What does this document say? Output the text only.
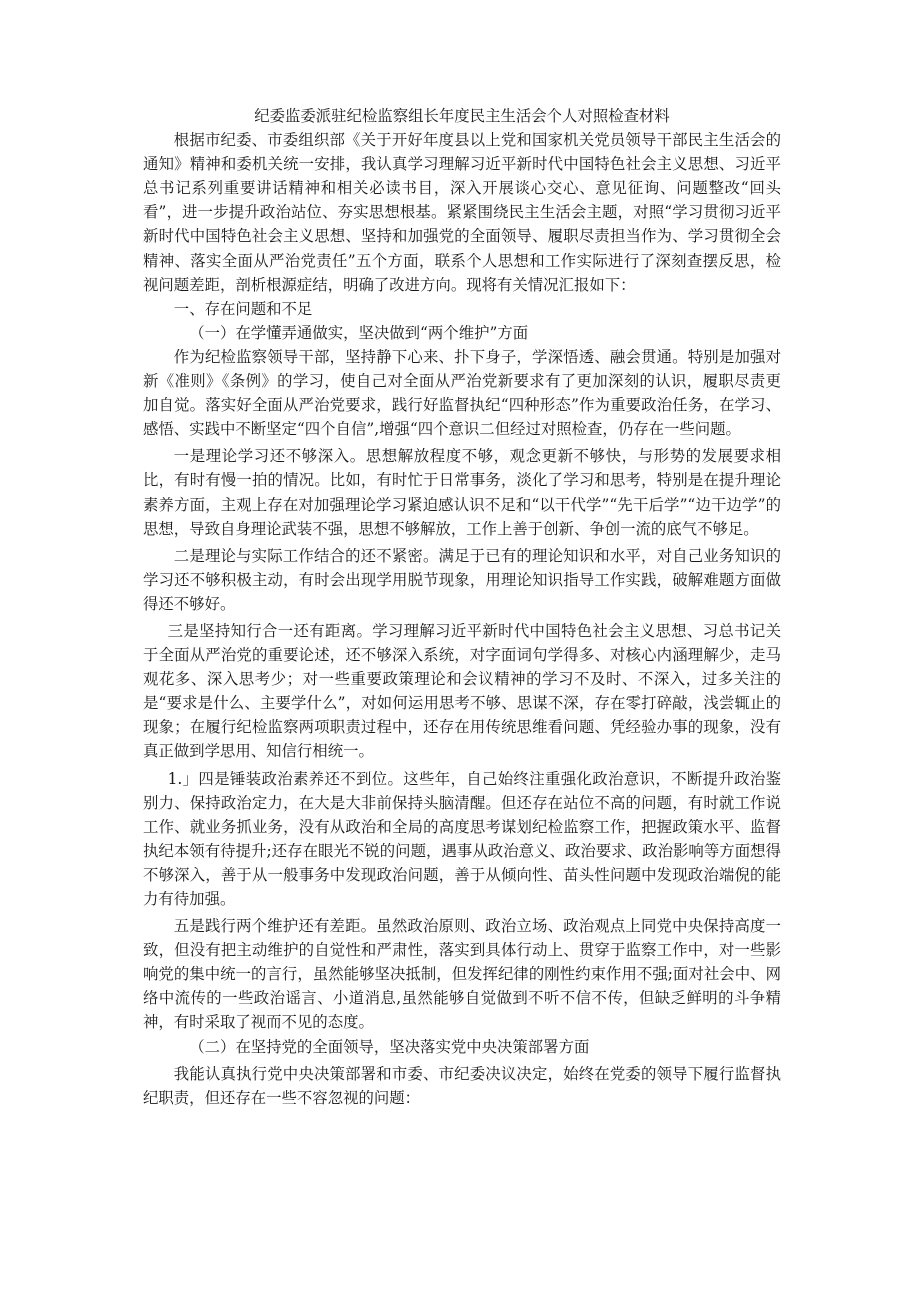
纪委监委派驻纪检监察组长年度民主生活会个人对照检查材料

根据市纪委、市委组织部《关于开好年度县以上党和国家机关党员领导干部民主生活会的通知》精神和委机关统一安排，我认真学习理解习近平新时代中国特色社会主义思想、习近平总书记系列重要讲话精神和相关必读书目，深入开展谈心交心、意见征询、问题整改“回头看”，进一步提升政治站位、夯实思想根基。紧紧围绕民主生活会主题，对照“学习贯彻习近平新时代中国特色社会主义思想、坚持和加强党的全面领导、履职尽责担当作为、学习贯彻全会精神、落实全面从严治党责任”五个方面，联系个人思想和工作实际进行了深刻查摆反思，检视问题差距，剖析根源症结，明确了改进方向。现将有关情况汇报如下：

一、存在问题和不足

（一）在学懂弄通做实，坚决做到“两个维护”方面

作为纪检监察领导干部，坚持静下心来、扑下身子，学深悟透、融会贯通。特别是加强对新《准则》《条例》的学习，使自己对全面从严治党新要求有了更加深刻的认识，履职尽责更加自觉。落实好全面从严治党要求，践行好监督执纪“四种形态”作为重要政治任务，在学习、感悟、实践中不断坚定“四个自信”,增强“四个意识二但经过对照检查，仍存在一些问题。

一是理论学习还不够深入。思想解放程度不够，观念更新不够快，与形势的发展要求相比，有时有慢一拍的情况。比如，有时忙于日常事务，淡化了学习和思考，特别是在提升理论素养方面，主观上存在对加强理论学习紧迫感认识不足和“以干代学”“先干后学”“边干边学”的思想，导致自身理论武装不强，思想不够解放，工作上善于创新、争创一流的底气不够足。

二是理论与实际工作结合的还不紧密。满足于已有的理论知识和水平，对自己业务知识的学习还不够积极主动，有时会出现学用脱节现象，用理论知识指导工作实践，破解难题方面做得还不够好。

三是坚持知行合一还有距离。学习理解习近平新时代中国特色社会主义思想、习总书记关于全面从严治党的重要论述，还不够深入系统，对字面词句学得多、对核心内涵理解少，走马观花多、深入思考少；对一些重要政策理论和会议精神的学习不及时、不深入，过多关注的是“要求是什么、主要学什么”，对如何运用思考不够、思谋不深，存在零打碎敲，浅尝辄止的现象；在履行纪检监察两项职责过程中，还存在用传统思维看问题、凭经验办事的现象，没有真正做到学思用、知信行相统一。

1.」四是锤装政治素养还不到位。这些年，自己始终注重强化政治意识，不断提升政治鉴别力、保持政治定力，在大是大非前保持头脑清醒。但还存在站位不高的问题，有时就工作说工作、就业务抓业务，没有从政治和全局的高度思考谋划纪检监察工作，把握政策水平、监督执纪本领有待提升;还存在眼光不锐的问题，遇事从政治意义、政治要求、政治影响等方面想得不够深入，善于从一般事务中发现政治问题，善于从倾向性、苗头性问题中发现政治端倪的能力有待加强。

五是践行两个维护还有差距。虽然政治原则、政治立场、政治观点上同党中央保持高度一致，但没有把主动维护的自觉性和严肃性，落实到具体行动上、贯穿于监察工作中，对一些影响党的集中统一的言行，虽然能够坚决抵制，但发挥纪律的刚性约束作用不强;面对社会中、网络中流传的一些政治谣言、小道消息,虽然能够自觉做到不听不信不传，但缺乏鲜明的斗争精神，有时采取了视而不见的态度。

（二）在坚持党的全面领导，坚决落实党中央决策部署方面

我能认真执行党中央决策部署和市委、市纪委决议决定，始终在党委的领导下履行监督执纪职责，但还存在一些不容忽视的问题：
